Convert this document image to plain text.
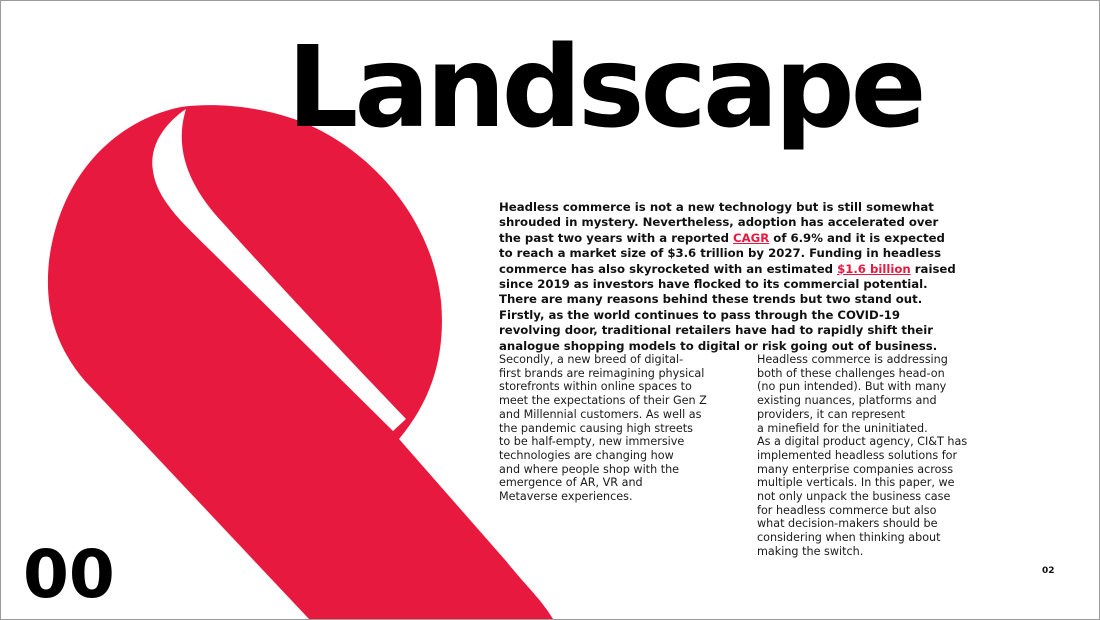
Landscape

Headless commerce is not a new technology but is still somewhat shrouded in mystery. Nevertheless, adoption has accelerated over the past two years with a reported CAGR of 6.9% and it is expected to reach a market size of $3.6 trillion by 2027. Funding in headless commerce has also skyrocketed with an estimated $1.6 billion raised since 2019 as investors have flocked to its commercial potential. There are many reasons behind these trends but two stand out. Firstly, as the world continues to pass through the COVID-19 revolving door, traditional retailers have had to rapidly shift their analogue shopping models to digital or risk going out of business.

Secondly, a new breed of digital-
first brands are reimagining physical
storefronts within online spaces to
meet the expectations of their Gen Z
and Millennial customers. As well as
the pandemic causing high streets
to be half-empty, new immersive
technologies are changing how
and where people shop with the
emergence of AR, VR and
Metaverse experiences.
Headless commerce is addressing
both of these challenges head-on
(no pun intended). But with many
existing nuances, platforms and
providers, it can represent
a minefield for the uninitiated.
As a digital product agency, CI&T has
implemented headless solutions for
many enterprise companies across
multiple verticals. In this paper, we
not only unpack the business case
for headless commerce but also
what decision-makers should be
considering when thinking about
making the switch.
00	02
